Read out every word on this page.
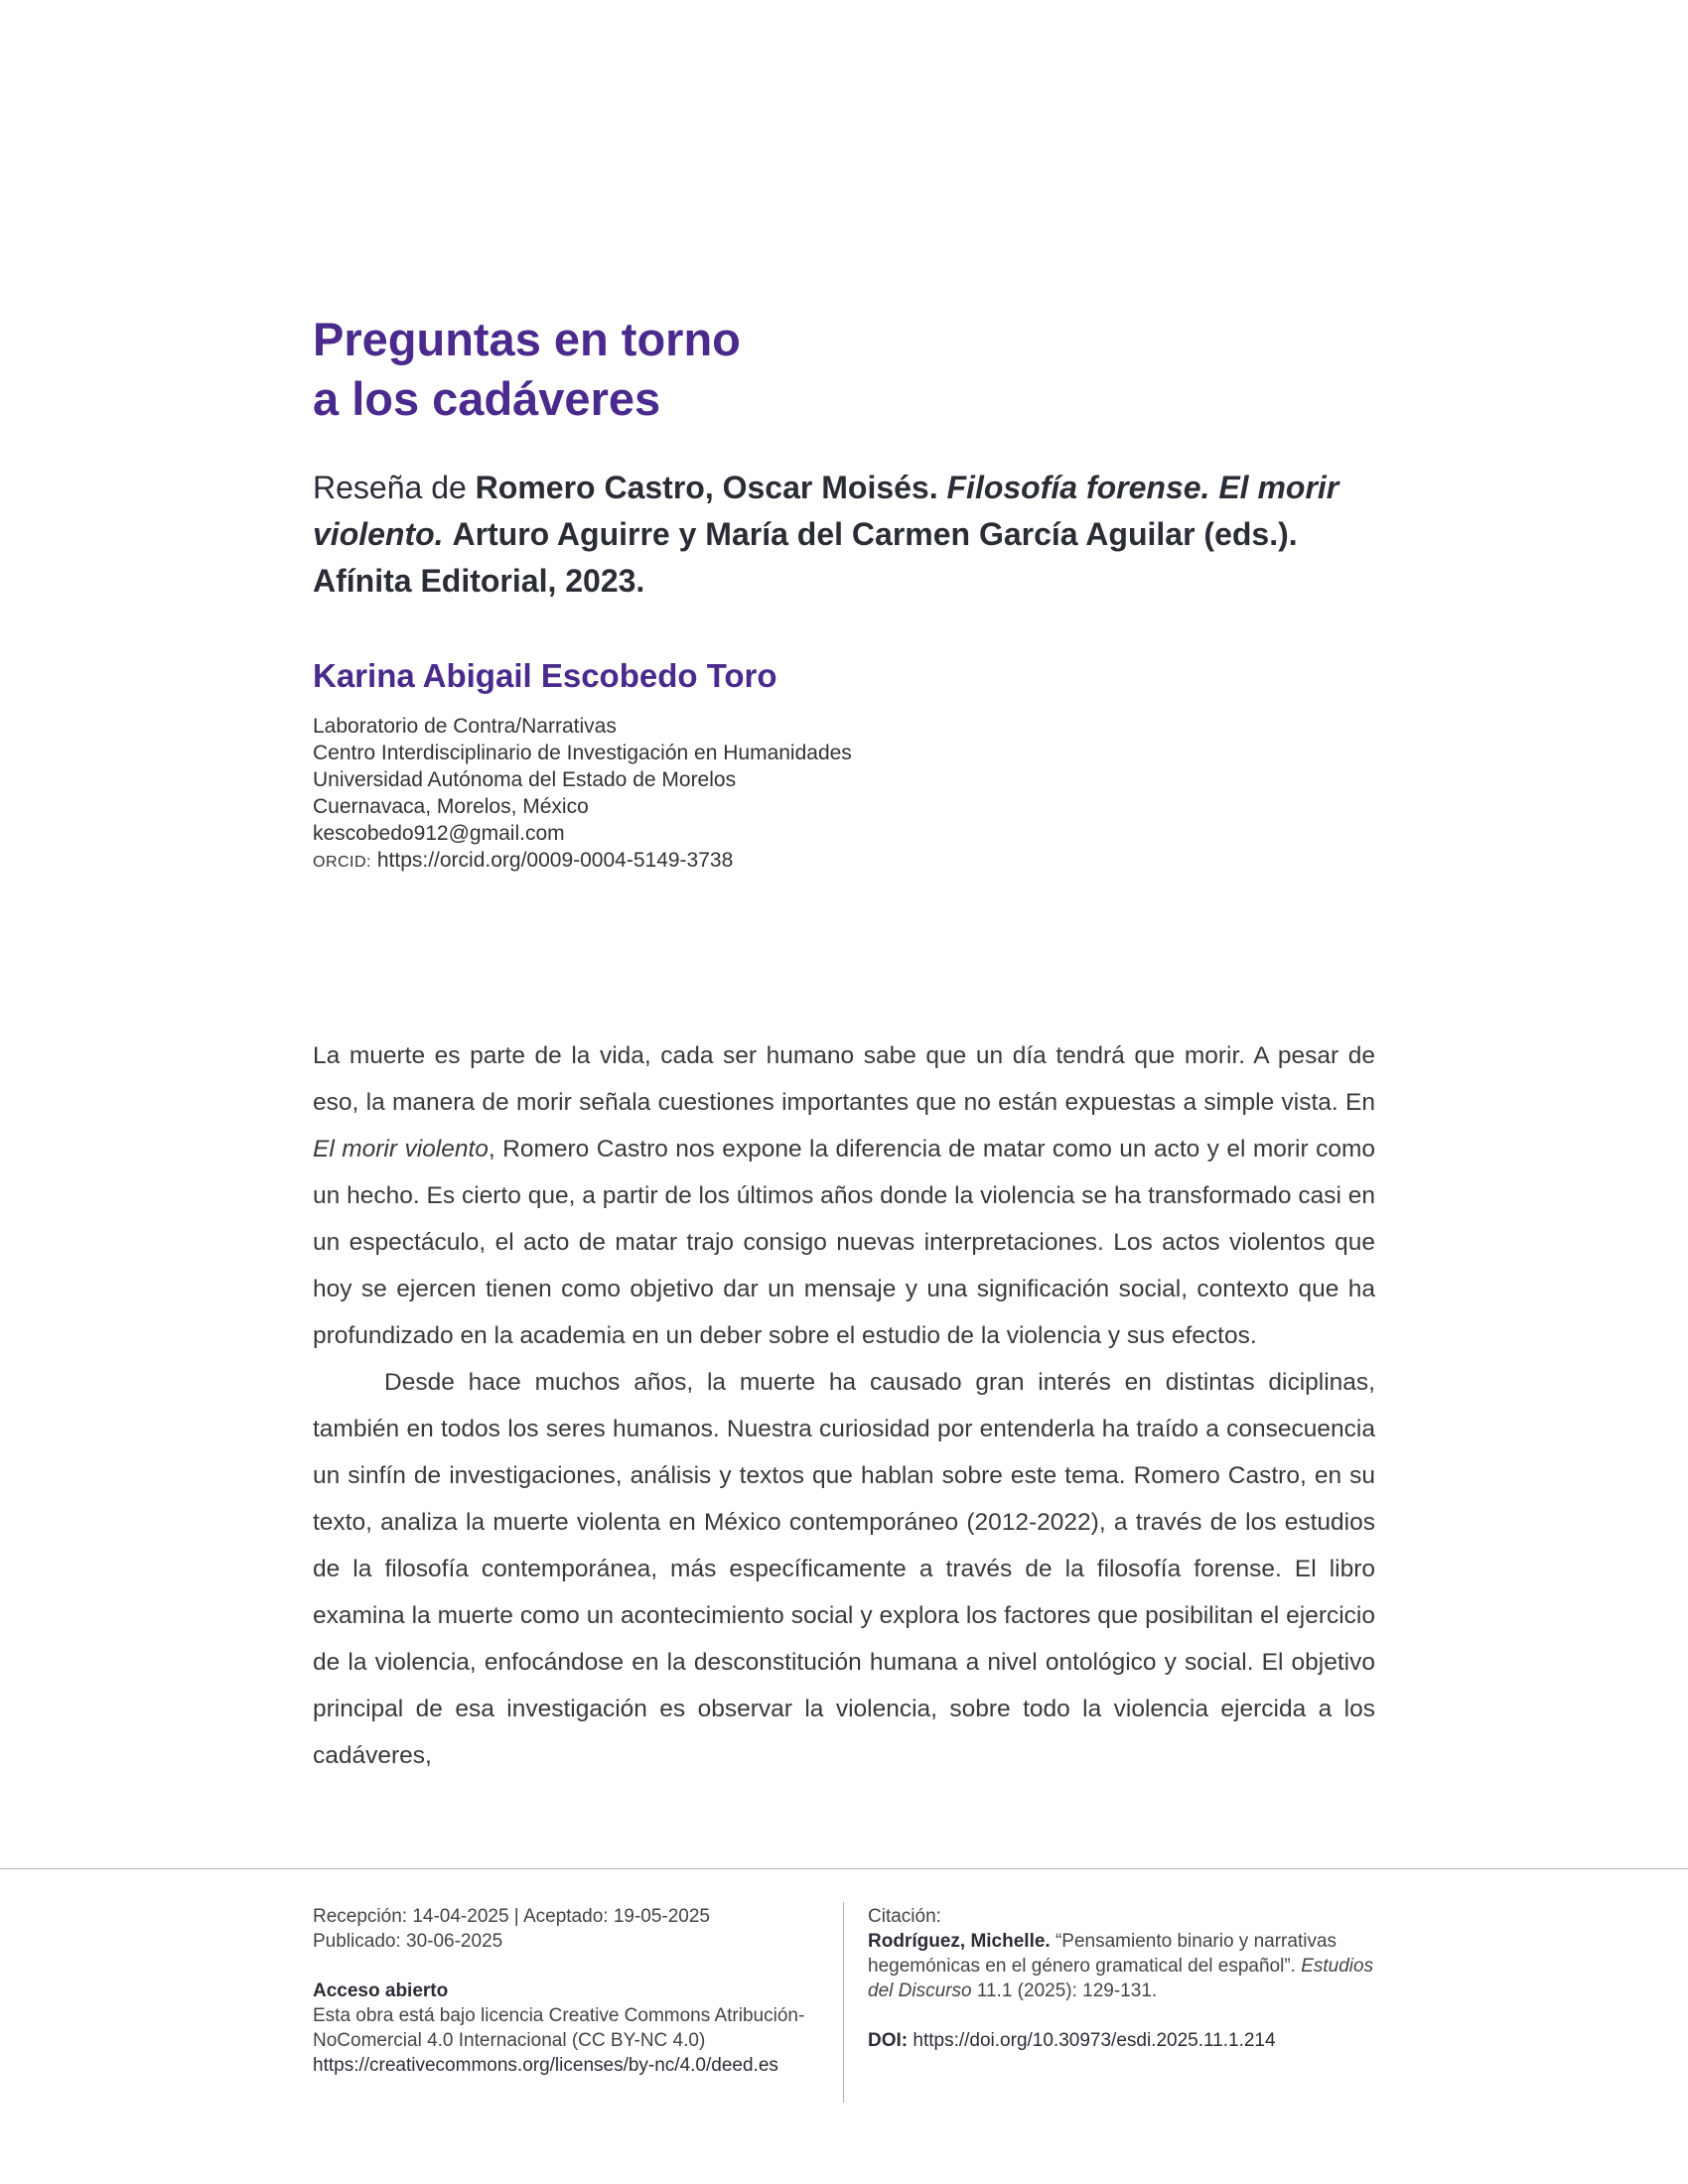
Preguntas en torno
a los cadáveres

Reseña de Romero Castro, Oscar Moisés. Filosofía forense. El morir violento. Arturo Aguirre y María del Carmen García Aguilar (eds.). Afínita Editorial, 2023.

Karina Abigail Escobedo Toro
Laboratorio de Contra/Narrativas
Centro Interdisciplinario de Investigación en Humanidades
Universidad Autónoma del Estado de Morelos
Cuernavaca, Morelos, México
kescobedo912@gmail.com
ORCID: https://orcid.org/0009-0004-5149-3738

La muerte es parte de la vida, cada ser humano sabe que un día tendrá que morir. A pesar de eso, la manera de morir señala cuestiones importantes que no están expuestas a simple vista. En El morir violento, Romero Castro nos expone la diferencia de matar como un acto y el morir como un hecho. Es cierto que, a partir de los últimos años donde la violencia se ha transformado casi en un espectáculo, el acto de matar trajo consigo nuevas interpretaciones. Los actos violentos que hoy se ejercen tienen como objetivo dar un mensaje y una significación social, contexto que ha profundizado en la academia en un deber sobre el estudio de la violencia y sus efectos.

Desde hace muchos años, la muerte ha causado gran interés en distintas diciplinas, también en todos los seres humanos. Nuestra curiosidad por entenderla ha traído a consecuencia un sinfín de investigaciones, análisis y textos que hablan sobre este tema. Romero Castro, en su texto, analiza la muerte violenta en México contemporáneo (2012-2022), a través de los estudios de la filosofía contemporánea, más específicamente a través de la filosofía forense. El libro examina la muerte como un acontecimiento social y explora los factores que posibilitan el ejercicio de la violencia, enfocándose en la desconstitución humana a nivel ontológico y social. El objetivo principal de esa investigación es observar la violencia, sobre todo la violencia ejercida a los cadáveres,

Recepción: 14-04-2025 | Aceptado: 19-05-2025
Publicado: 30-06-2025
Acceso abierto
Esta obra está bajo licencia Creative Commons Atribución-NoComercial 4.0 Internacional (CC BY-NC 4.0) https://creativecommons.org/licenses/by-nc/4.0/deed.es
Citación:
Rodríguez, Michelle. “Pensamiento binario y narrativas hegemónicas en el género gramatical del español”. Estudios del Discurso 11.1 (2025): 129-131.
DOI: https://doi.org/10.30973/esdi.2025.11.1.214
